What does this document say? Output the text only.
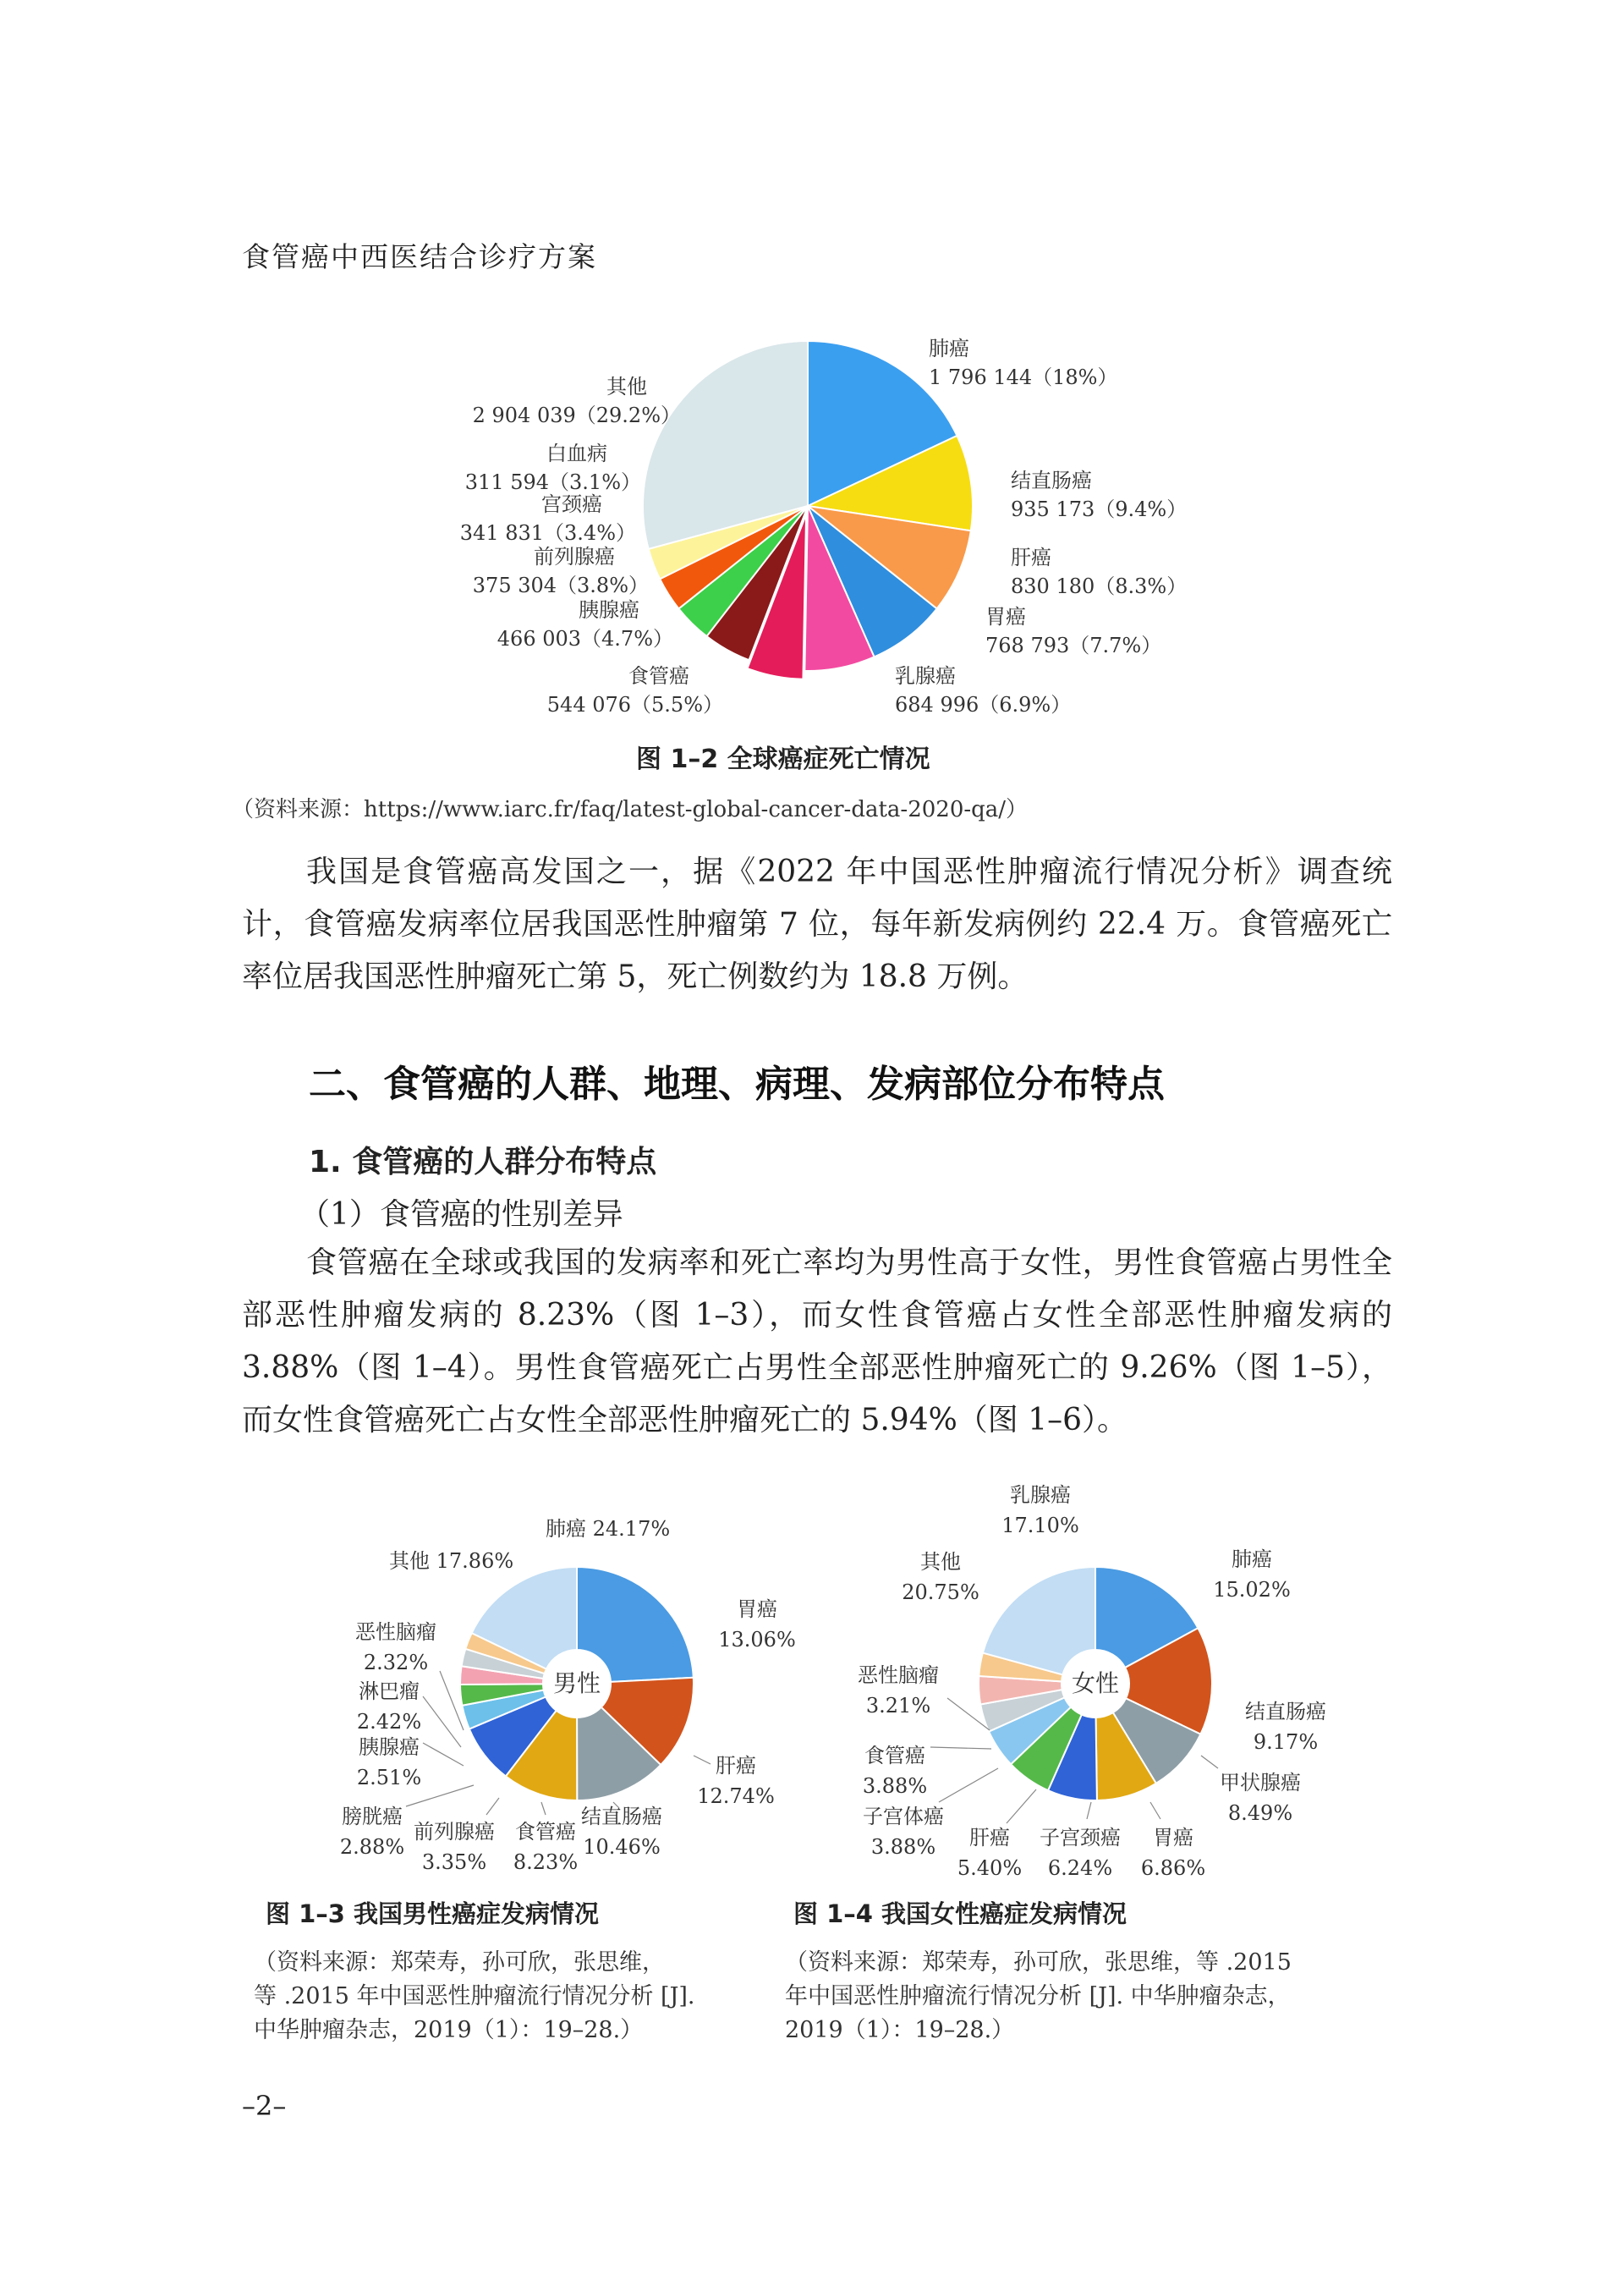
食管癌中西医结合诊疗方案
肺癌
1 796 144（18%）
结直肠癌
935 173（9.4%）
肝癌
830 180（8.3%）
胃癌
768 793（7.7%）
乳腺癌
684 996（6.9%）
食管癌
544 076（5.5%）
胰腺癌
466 003（4.7%）
前列腺癌
375 304（3.8%）
宫颈癌
341 831（3.4%）
白血病
311 594（3.1%）
其他
2 904 039（29.2%）
图 1–2 全球癌症死亡情况
（资料来源：https://www.iarc.fr/faq/latest-global-cancer-data-2020-qa/）

我国是食管癌高发国之一，据《2022 年中国恶性肿瘤流行情况分析》调查统计，食管癌发病率位居我国恶性肿瘤第 7 位，每年新发病例约 22.4 万。食管癌死亡率位居我国恶性肿瘤死亡第 5，死亡例数约为 18.8 万例。

二、食管癌的人群、地理、病理、发病部位分布特点
1. 食管癌的人群分布特点
（1）食管癌的性别差异

食管癌在全球或我国的发病率和死亡率均为男性高于女性，男性食管癌占男性全部恶性肿瘤发病的 8.23%（图 1–3），而女性食管癌占女性全部恶性肿瘤发病的 3.88%（图 1–4）。男性食管癌死亡占男性全部恶性肿瘤死亡的 9.26%（图 1–5），而女性食管癌死亡占女性全部恶性肿瘤死亡的 5.94%（图 1–6）。

男性	女性
肺癌 24.17%
胃癌
13.06%
肝癌
12.74%
结直肠癌
10.46%
食管癌
8.23%
前列腺癌
3.35%
膀胱癌
2.88%
胰腺癌
2.51%
淋巴瘤
2.42%
恶性脑瘤
2.32%
其他 17.86%
乳腺癌
17.10%
肺癌
15.02%
结直肠癌
9.17%
甲状腺癌
8.49%
胃癌
6.86%
子宫颈癌
6.24%
肝癌
5.40%
子宫体癌
3.88%
食管癌
3.88%
恶性脑瘤
3.21%
其他
20.75%
图 1–3 我国男性癌症发病情况	图 1–4 我国女性癌症发病情况
（资料来源：郑荣寿，孙可欣，张思维，
等 .2015 年中国恶性肿瘤流行情况分析 [J].
中华肿瘤杂志，2019（1）：19–28.）
（资料来源：郑荣寿，孙可欣，张思维，等 .2015
年中国恶性肿瘤流行情况分析 [J]. 中华肿瘤杂志，
2019（1）：19–28.）
–2–
